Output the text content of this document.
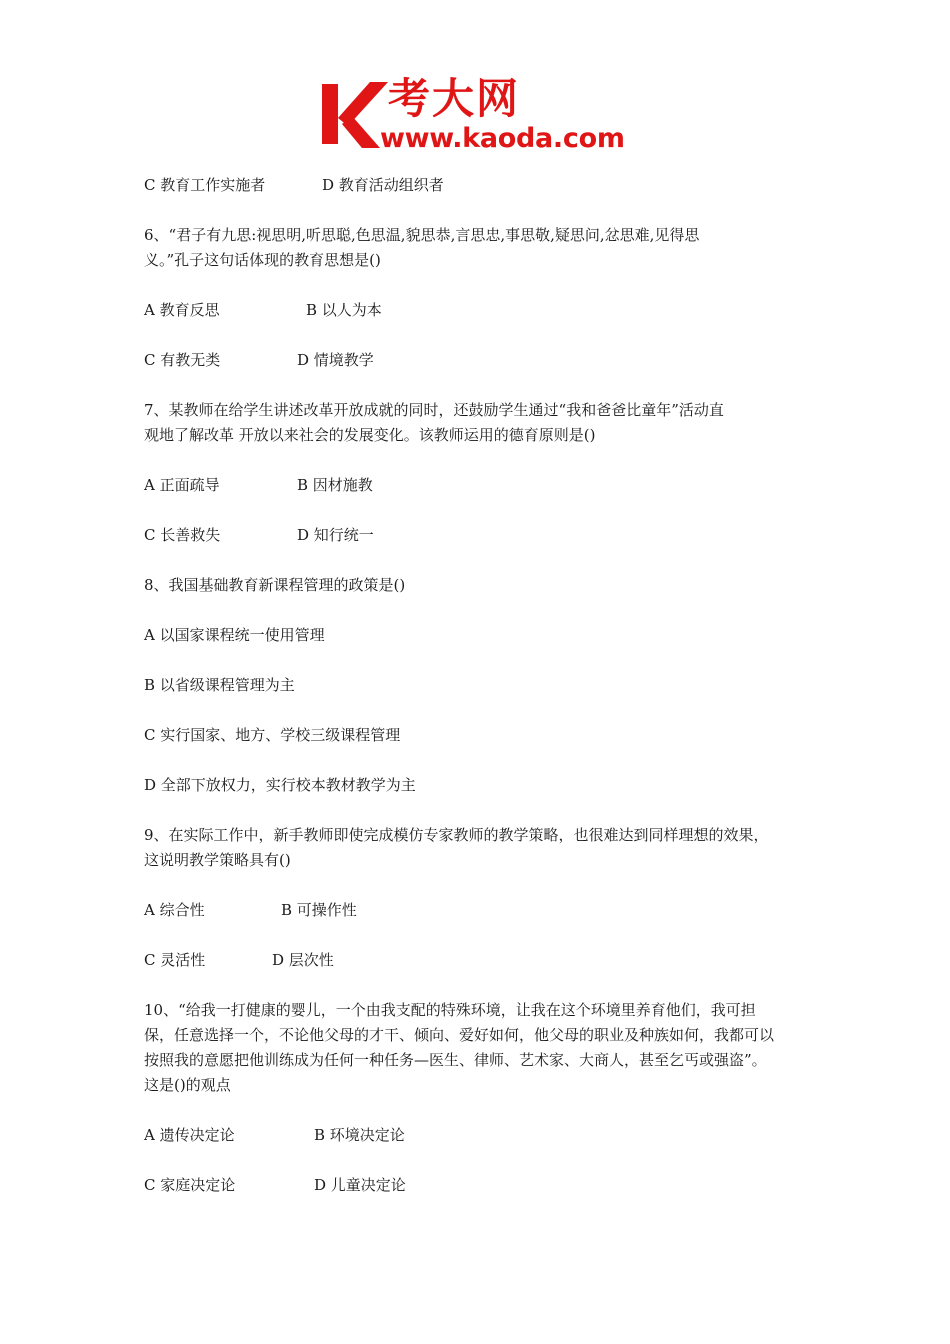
考大网
www.kaoda.com
C 教育工作实施者	D 教育活动组织者
6、“君子有九思:视思明,听思聪,色思温,貌思恭,言思忠,事思敬,疑思问,忿思难,见得思
义。”孔子这句话体现的教育思想是()
A 教育反思	B 以人为本
C 有教无类	D 情境教学
7、某教师在给学生讲述改革开放成就的同时，还鼓励学生通过“我和爸爸比童年”活动直
观地了解改革 开放以来社会的发展变化。该教师运用的德育原则是()
A 正面疏导	B 因材施教
C 长善救失	D 知行统一
8、我国基础教育新课程管理的政策是()
A 以国家课程统一使用管理
B 以省级课程管理为主
C 实行国家、地方、学校三级课程管理
D 全部下放权力，实行校本教材教学为主
9、在实际工作中，新手教师即使完成模仿专家教师的教学策略，也很难达到同样理想的效果，
这说明教学策略具有()
A 综合性	B 可操作性
C 灵活性	D 层次性
10、“给我一打健康的婴儿，一个由我支配的特殊环境，让我在这个环境里养育他们，我可担
保，任意选择一个，不论他父母的才干、倾向、爱好如何，他父母的职业及种族如何，我都可以
按照我的意愿把他训练成为任何一种任务—医生、律师、艺术家、大商人，甚至乞丐或强盗”。
这是()的观点
A 遗传决定论	B 环境决定论
C 家庭决定论	D 儿童决定论
